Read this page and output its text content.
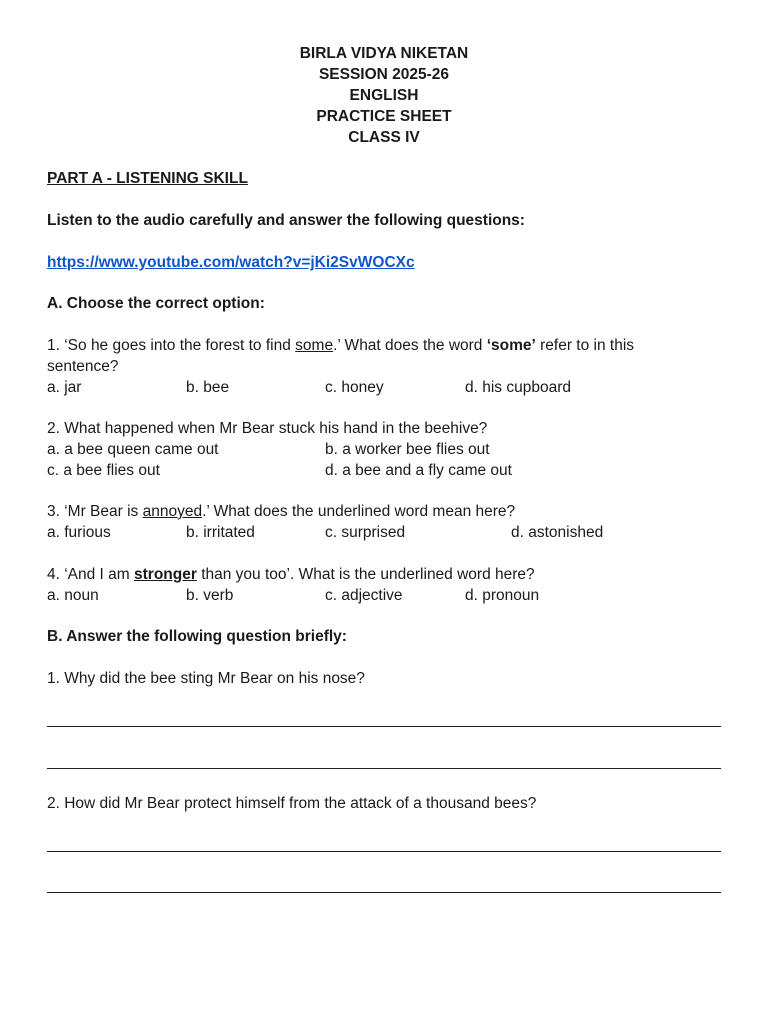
BIRLA VIDYA NIKETAN
SESSION 2025-26
ENGLISH
PRACTICE SHEET
CLASS IV
PART A - LISTENING SKILL
Listen to the audio carefully and answer the following questions:
https://www.youtube.com/watch?v=jKi2SvWOCXc
A. Choose the correct option:
1. ‘So he goes into the forest to find some.’ What does the word ‘some’ refer to in this
sentence?
a. jar	b. bee	c. honey	d. his cupboard
2. What happened when Mr Bear stuck his hand in the beehive?
a. a bee queen came out	b. a worker bee flies out
c. a bee flies out	d. a bee and a fly came out
3. ‘Mr Bear is annoyed.’ What does the underlined word mean here?
a. furious	b. irritated	c. surprised	d. astonished
4. ‘And I am stronger than you too’. What is the underlined word here?
a. noun	b. verb	c. adjective	d. pronoun
B. Answer the following question briefly:
1. Why did the bee sting Mr Bear on his nose?
2. How did Mr Bear protect himself from the attack of a thousand bees?
